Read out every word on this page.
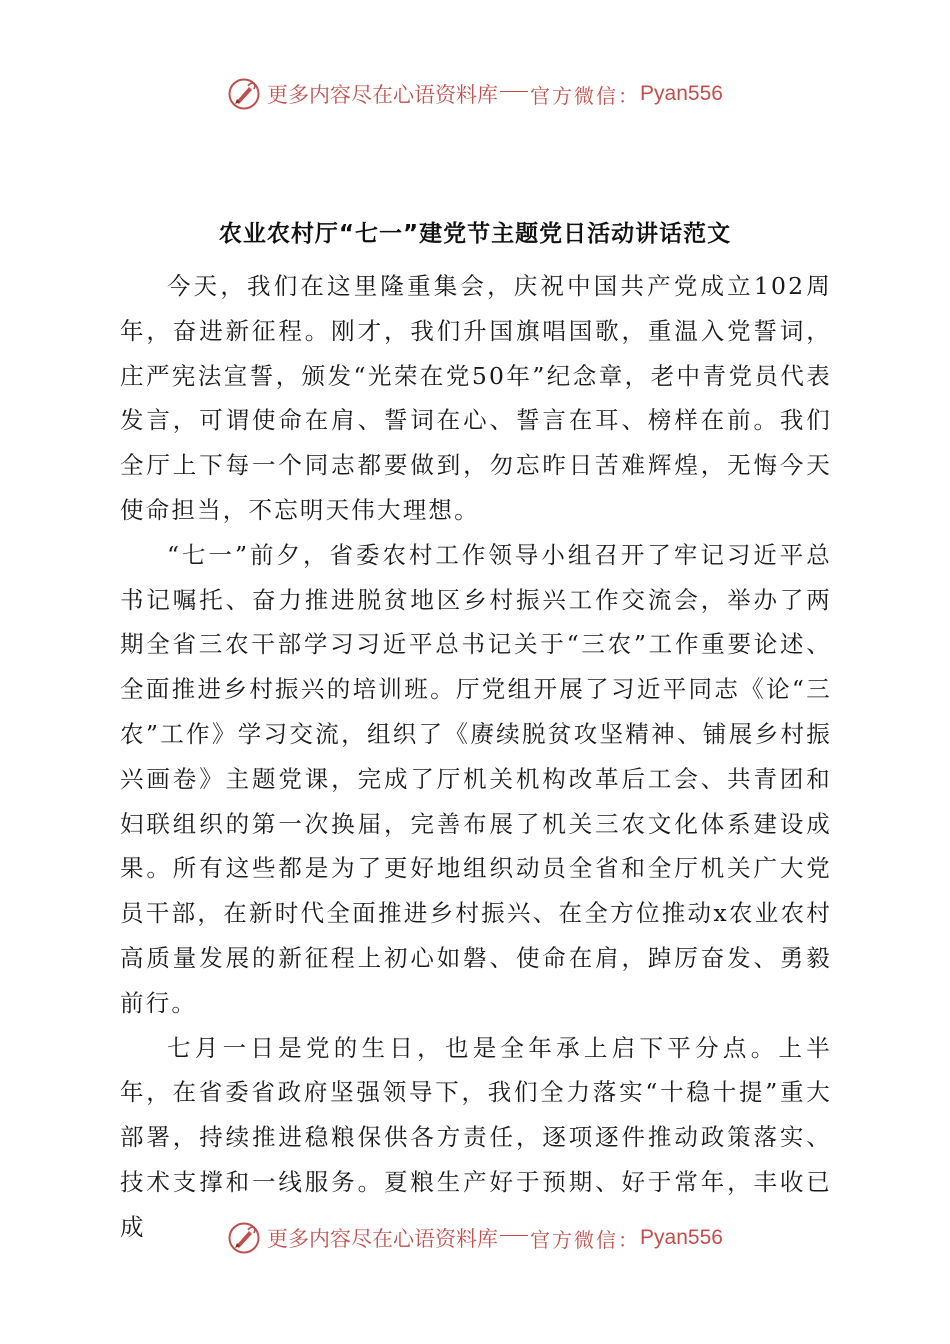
更多内容尽在心语资料库 官方微信： Pyan556
农业农村厅“七一”建党节主题党日活动讲话范文

今天，我们在这里隆重集会，庆祝中国共产党成立102周年，奋进新征程。刚才，我们升国旗唱国歌，重温入党誓词，庄严宪法宣誓，颁发“光荣在党50年”纪念章，老中青党员代表发言，可谓使命在肩、誓词在心、誓言在耳、榜样在前。我们全厅上下每一个同志都要做到，勿忘昨日苦难辉煌，无悔今天使命担当，不忘明天伟大理想。

“七一”前夕，省委农村工作领导小组召开了牢记习近平总书记嘱托、奋力推进脱贫地区乡村振兴工作交流会，举办了两期全省三农干部学习习近平总书记关于“三农”工作重要论述、全面推进乡村振兴的培训班。厅党组开展了习近平同志《论“三农”工作》学习交流，组织了《赓续脱贫攻坚精神、铺展乡村振兴画卷》主题党课，完成了厅机关机构改革后工会、共青团和妇联组织的第一次换届，完善布展了机关三农文化体系建设成果。所有这些都是为了更好地组织动员全省和全厅机关广大党员干部，在新时代全面推进乡村振兴、在全方位推动x农业农村高质量发展的新征程上初心如磐、使命在肩，踔厉奋发、勇毅前行。

七月一日是党的生日，也是全年承上启下平分点。上半年，在省委省政府坚强领导下，我们全力落实“十稳十提”重大部署，持续推进稳粮保供各方责任，逐项逐件推动政策落实、技术支撑和一线服务。夏粮生产好于预期、好于常年，丰收已成	更多内容尽在心语资料库 官方微信： Pyan556
